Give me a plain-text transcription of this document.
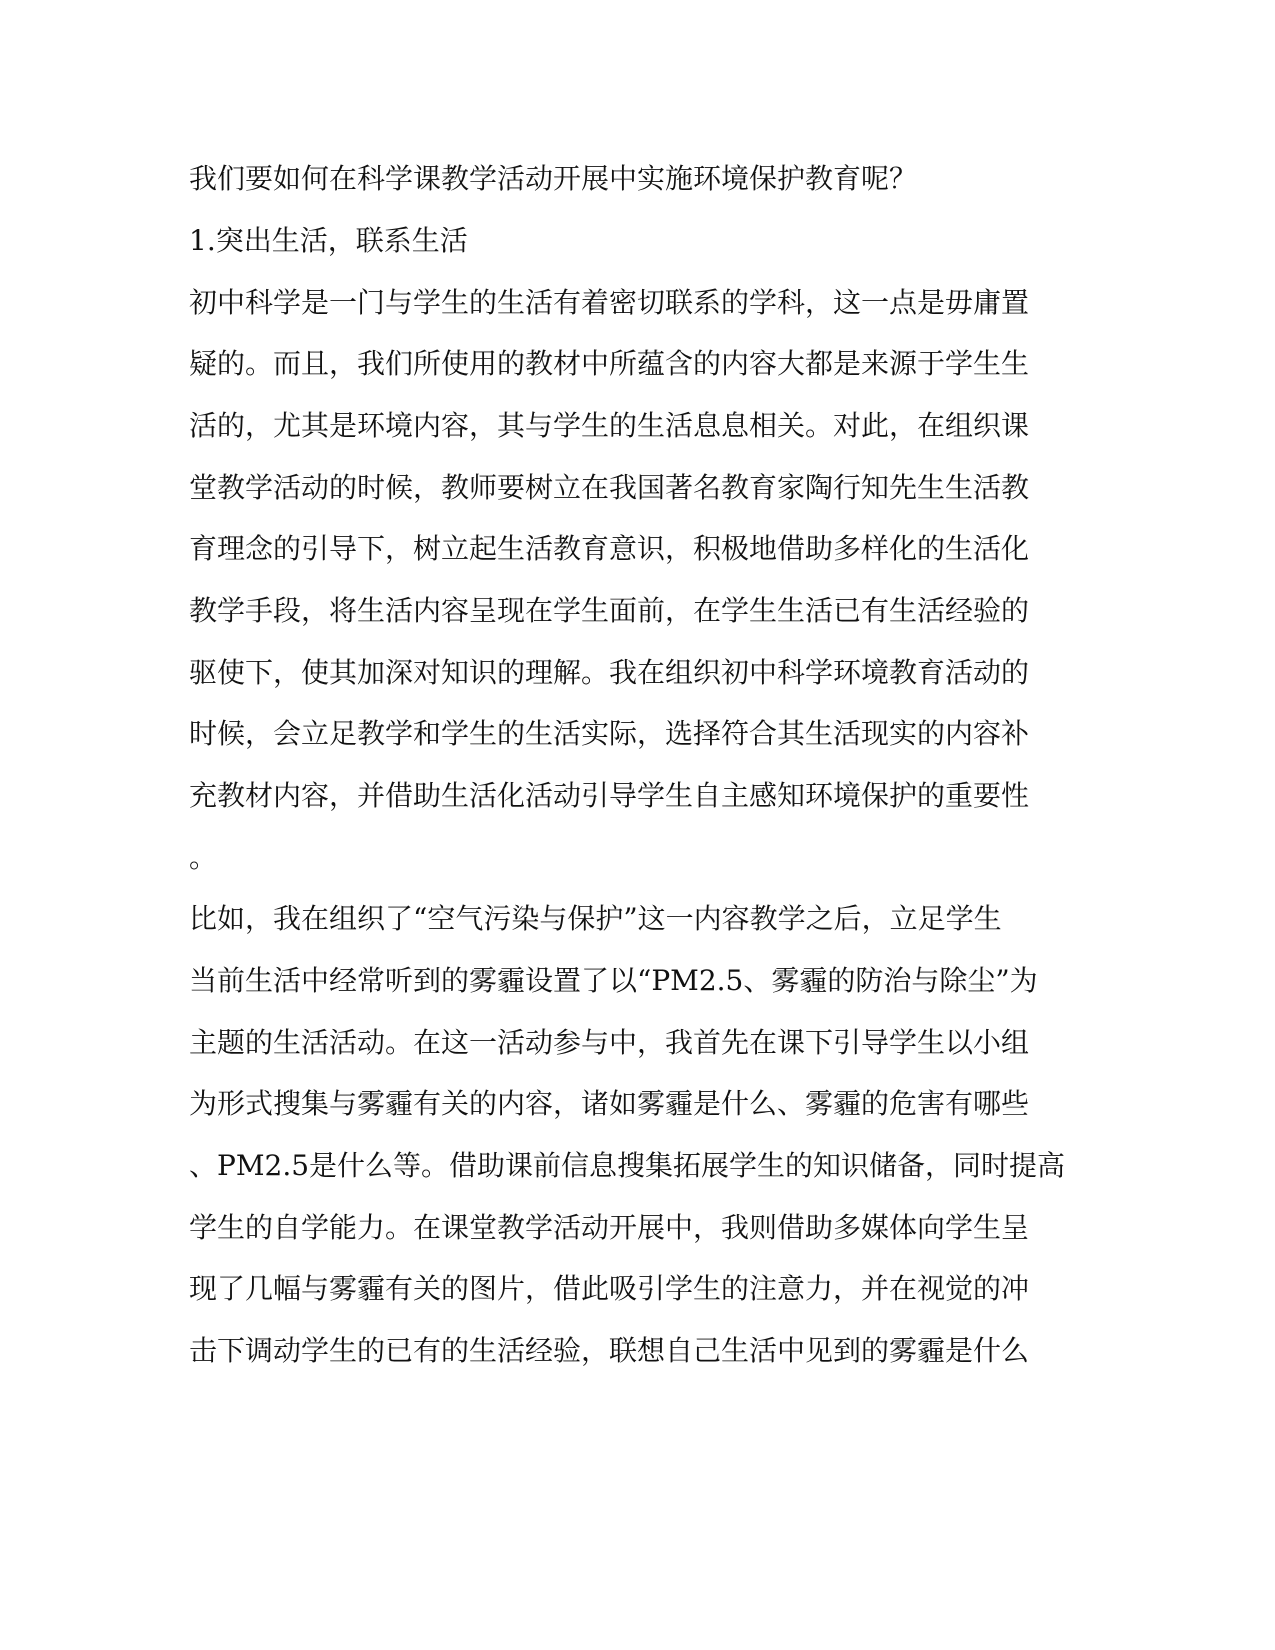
我们要如何在科学课教学活动开展中实施环境保护教育呢？
1.突出生活，联系生活
初中科学是一门与学生的生活有着密切联系的学科，这一点是毋庸置
疑的。而且，我们所使用的教材中所蕴含的内容大都是来源于学生生
活的，尤其是环境内容，其与学生的生活息息相关。对此，在组织课
堂教学活动的时候，教师要树立在我国著名教育家陶行知先生生活教
育理念的引导下，树立起生活教育意识，积极地借助多样化的生活化
教学手段，将生活内容呈现在学生面前，在学生生活已有生活经验的
驱使下，使其加深对知识的理解。我在组织初中科学环境教育活动的
时候，会立足教学和学生的生活实际，选择符合其生活现实的内容补
充教材内容，并借助生活化活动引导学生自主感知环境保护的重要性
。
比如，我在组织了“空气污染与保护”这一内容教学之后，立足学生
当前生活中经常听到的雾霾设置了以“PM2.5、雾霾的防治与除尘”为
主题的生活活动。在这一活动参与中，我首先在课下引导学生以小组
为形式搜集与雾霾有关的内容，诸如雾霾是什么、雾霾的危害有哪些
、PM2.5是什么等。借助课前信息搜集拓展学生的知识储备，同时提高
学生的自学能力。在课堂教学活动开展中，我则借助多媒体向学生呈
现了几幅与雾霾有关的图片，借此吸引学生的注意力，并在视觉的冲
击下调动学生的已有的生活经验，联想自己生活中见到的雾霾是什么
